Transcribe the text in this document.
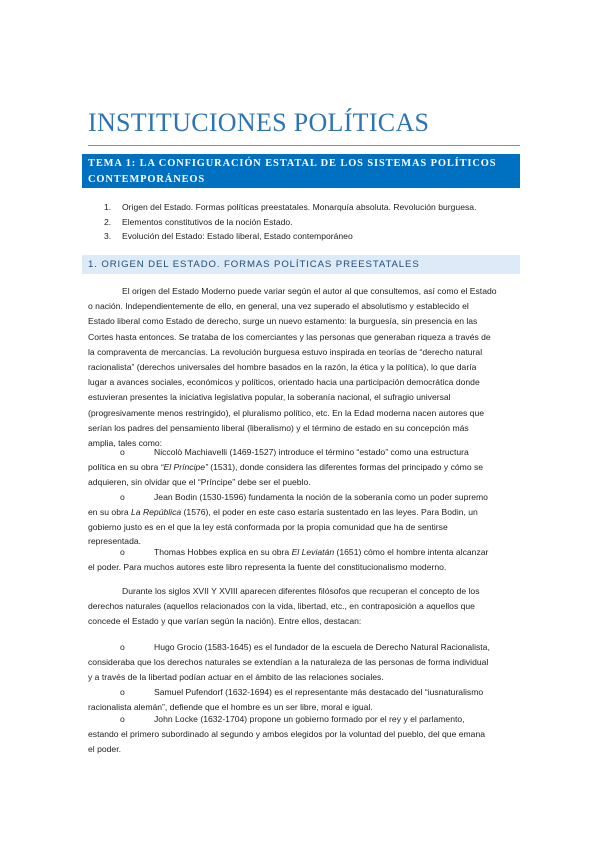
INSTITUCIONES POLÍTICAS
TEMA 1: LA CONFIGURACIÓN ESTATAL DE LOS SISTEMAS POLÍTICOS CONTEMPORÁNEOS
1.	Origen del Estado. Formas políticas preestatales. Monarquía absoluta. Revolución burguesa.
2.	Elementos constitutivos de la noción Estado.
3.	Evolución del Estado: Estado liberal, Estado contemporáneo
1. ORIGEN DEL ESTADO. FORMAS POLÍTICAS PREESTATALES
El origen del Estado Moderno puede variar según el autor al que consultemos, así como el Estado
o nación. Independientemente de ello, en general, una vez superado el absolutismo y establecido el
Estado liberal como Estado de derecho, surge un nuevo estamento: la burguesía, sin presencia en las
Cortes hasta entonces. Se trataba de los comerciantes y las personas que generaban riqueza a través de
la compraventa de mercancías. La revolución burguesa estuvo inspirada en teorías de “derecho natural
racionalista” (derechos universales del hombre basados en la razón, la ética y la política), lo que daría
lugar a avances sociales, económicos y políticos, orientado hacia una participación democrática donde
estuvieran presentes la iniciativa legislativa popular, la soberanía nacional, el sufragio universal
(progresivamente menos restringido), el pluralismo político, etc. En la Edad moderna nacen autores que
serían los padres del pensamiento liberal (liberalismo) y el término de estado en su concepción más
amplia, tales como:
o	Niccolò Machiavelli (1469-1527) introduce el término “estado” como una estructura
política en su obra “El Príncipe” (1531), donde considera las diferentes formas del principado y cómo se
adquieren, sin olvidar que el “Príncipe” debe ser el pueblo.
o	Jean Bodin (1530-1596) fundamenta la noción de la soberanía como un poder supremo
en su obra La República (1576), el poder en este caso estaría sustentado en las leyes. Para Bodin, un
gobierno justo es en el que la ley está conformada por la propia comunidad que ha de sentirse
representada.
o	Thomas Hobbes explica en su obra El Leviatán (1651) cómo el hombre intenta alcanzar
el poder. Para muchos autores este libro representa la fuente del constitucionalismo moderno.
Durante los siglos XVII Y XVIII aparecen diferentes filósofos que recuperan el concepto de los
derechos naturales (aquellos relacionados con la vida, libertad, etc., en contraposición a aquellos que
concede el Estado y que varían según la nación). Entre ellos, destacan:
o	Hugo Grocio (1583-1645) es el fundador de la escuela de Derecho Natural Racionalista,
consideraba que los derechos naturales se extendían a la naturaleza de las personas de forma individual
y a través de la libertad podían actuar en el ámbito de las relaciones sociales.
o	Samuel Pufendorf (1632-1694) es el representante más destacado del “iusnaturalismo
racionalista alemán”, defiende que el hombre es un ser libre, moral e igual.
o	John Locke (1632-1704) propone un gobierno formado por el rey y el parlamento,
estando el primero subordinado al segundo y ambos elegidos por la voluntad del pueblo, del que emana
el poder.
